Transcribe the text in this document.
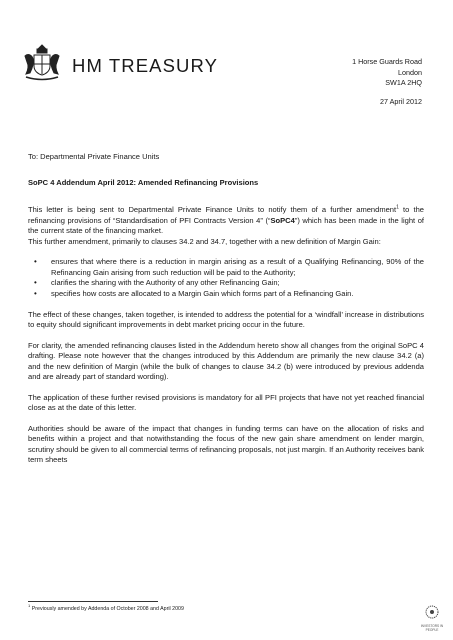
HM TREASURY	1 Horse Guards Road
London
SW1A 2HQ
27 April 2012
To: Departmental Private Finance Units
SoPC 4 Addendum April 2012: Amended Refinancing Provisions

This letter is being sent to Departmental Private Finance Units to notify them of a further amendment$^1$ to the refinancing provisions of “Standardisation of PFI Contracts Version 4” (“SoPC4”) which has been made in the light of the current state of the financing market.

This further amendment, primarily to clauses 34.2 and 34.7, together with a new definition of Margin Gain:

• ensures that where there is a reduction in margin arising as a result of a Qualifying Refinancing, 90% of the Refinancing Gain arising from such reduction will be paid to the Authority;
• clarifies the sharing with the Authority of any other Refinancing Gain;
• specifies how costs are allocated to a Margin Gain which forms part of a Refinancing Gain.

The effect of these changes, taken together, is intended to address the potential for a ‘windfall’ increase in distributions to equity should significant improvements in debt market pricing occur in the future.

For clarity, the amended refinancing clauses listed in the Addendum hereto show all changes from the original SoPC 4 drafting. Please note however that the changes introduced by this Addendum are primarily the new clause 34.2 (a) and the new definition of Margin (while the bulk of changes to clause 34.2 (b) were introduced by previous addenda and are already part of standard wording).

The application of these further revised provisions is mandatory for all PFI projects that have not yet reached financial close as at the date of this letter.

Authorities should be aware of the impact that changes in funding terms can have on the allocation of risks and benefits within a project and that notwithstanding the focus of the new gain share amendment on lender margin, scrutiny should be given to all commercial terms of refinancing proposals, not just margin. If an Authority receives bank term sheets

$^1$ Previously amended by Addenda of October 2008 and April 2009
INVESTORS IN PEOPLE
